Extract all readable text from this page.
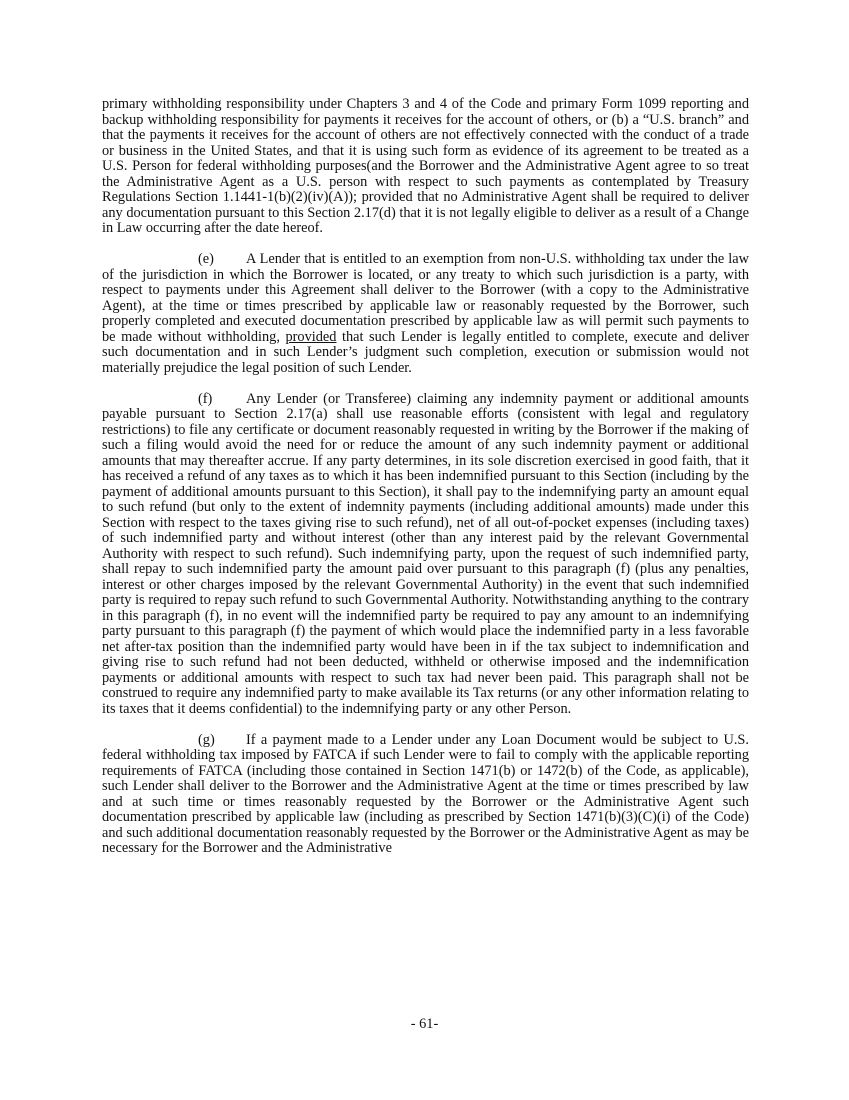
primary withholding responsibility under Chapters 3 and 4 of the Code and primary Form 1099 reporting and backup withholding responsibility for payments it receives for the account of others, or (b) a “U.S. branch” and that the payments it receives for the account of others are not effectively connected with the conduct of a trade or business in the United States, and that it is using such form as evidence of its agreement to be treated as a U.S. Person for federal withholding purposes(and the Borrower and the Administrative Agent agree to so treat the Administrative Agent as a U.S. person with respect to such payments as contemplated by Treasury Regulations Section 1.1441-1(b)(2)(iv)(A)); provided that no Administrative Agent shall be required to deliver any documentation pursuant to this Section 2.17(d) that it is not legally eligible to deliver as a result of a Change in Law occurring after the date hereof.

(e) A Lender that is entitled to an exemption from non-U.S. withholding tax under the law of the jurisdiction in which the Borrower is located, or any treaty to which such jurisdiction is a party, with respect to payments under this Agreement shall deliver to the Borrower (with a copy to the Administrative Agent), at the time or times prescribed by applicable law or reasonably requested by the Borrower, such properly completed and executed documentation prescribed by applicable law as will permit such payments to be made without withholding, provided that such Lender is legally entitled to complete, execute and deliver such documentation and in such Lender’s judgment such completion, execution or submission would not materially prejudice the legal position of such Lender.

(f) Any Lender (or Transferee) claiming any indemnity payment or additional amounts payable pursuant to Section 2.17(a) shall use reasonable efforts (consistent with legal and regulatory restrictions) to file any certificate or document reasonably requested in writing by the Borrower if the making of such a filing would avoid the need for or reduce the amount of any such indemnity payment or additional amounts that may thereafter accrue. If any party determines, in its sole discretion exercised in good faith, that it has received a refund of any taxes as to which it has been indemnified pursuant to this Section (including by the payment of additional amounts pursuant to this Section), it shall pay to the indemnifying party an amount equal to such refund (but only to the extent of indemnity payments (including additional amounts) made under this Section with respect to the taxes giving rise to such refund), net of all out-of-pocket expenses (including taxes) of such indemnified party and without interest (other than any interest paid by the relevant Governmental Authority with respect to such refund). Such indemnifying party, upon the request of such indemnified party, shall repay to such indemnified party the amount paid over pursuant to this paragraph (f) (plus any penalties, interest or other charges imposed by the relevant Governmental Authority) in the event that such indemnified party is required to repay such refund to such Governmental Authority. Notwithstanding anything to the contrary in this paragraph (f), in no event will the indemnified party be required to pay any amount to an indemnifying party pursuant to this paragraph (f) the payment of which would place the indemnified party in a less favorable net after-tax position than the indemnified party would have been in if the tax subject to indemnification and giving rise to such refund had not been deducted, withheld or otherwise imposed and the indemnification payments or additional amounts with respect to such tax had never been paid. This paragraph shall not be construed to require any indemnified party to make available its Tax returns (or any other information relating to its taxes that it deems confidential) to the indemnifying party or any other Person.

(g) If a payment made to a Lender under any Loan Document would be subject to U.S. federal withholding tax imposed by FATCA if such Lender were to fail to comply with the applicable reporting requirements of FATCA (including those contained in Section 1471(b) or 1472(b) of the Code, as applicable), such Lender shall deliver to the Borrower and the Administrative Agent at the time or times prescribed by law and at such time or times reasonably requested by the Borrower or the Administrative Agent such documentation prescribed by applicable law (including as prescribed by Section 1471(b)(3)(C)(i) of the Code) and such additional documentation reasonably requested by the Borrower or the Administrative Agent as may be necessary for the Borrower and the Administrative

- 61-
